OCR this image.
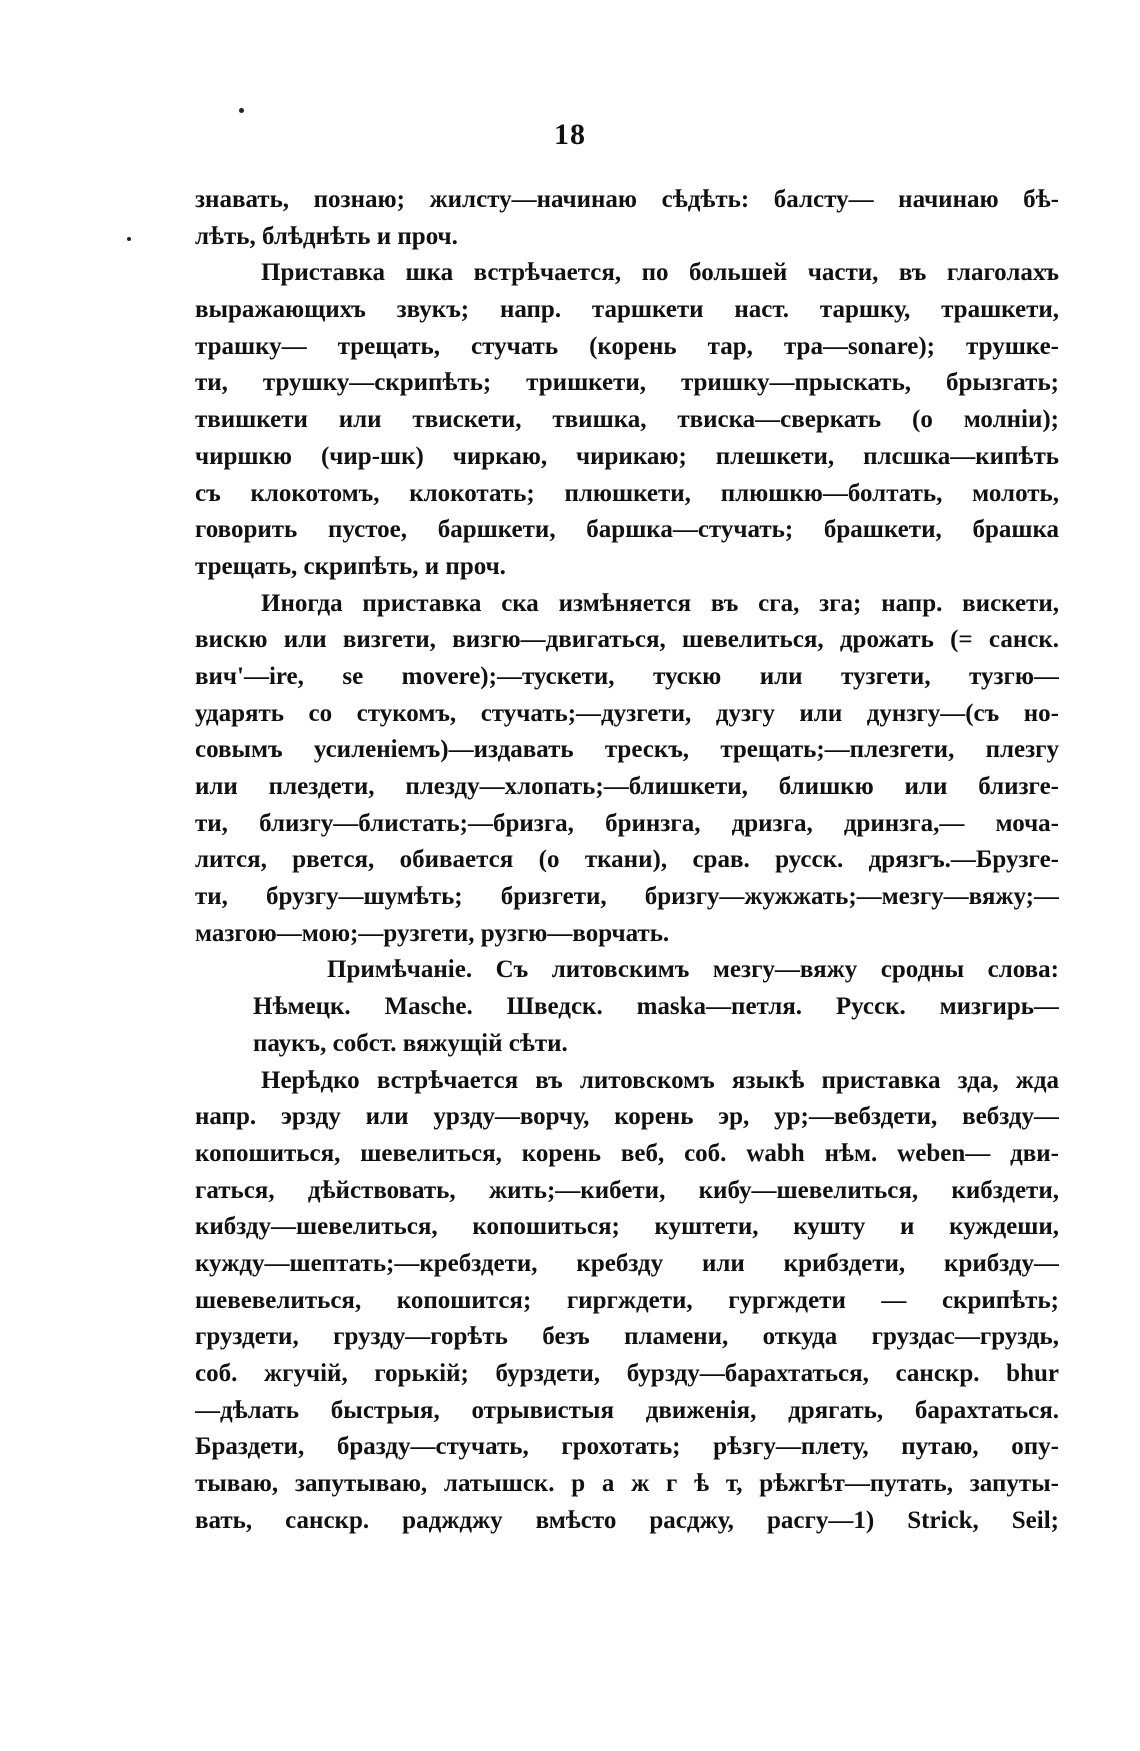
18
знавать, познаю; жилсту—начинаю сѣдѣть: балсту— начинаю бѣ-
лѣть, блѣднѣть и проч.
Приставка шка встрѣчается, по большей части, въ глаголахъ
выражающихъ звукъ; напр. таршкети наст. таршку, трашкети,
трашку— трещать, стучать (корень тар, тра—sonare); трушке-
ти, трушку—скрипѣть; тришкети, тришку—прыскать, брызгать;
твишкети или твискети, твишка, твиска—сверкать (о молніи);
чиршкю (чир-шк) чиркаю, чирикаю; плешкети, плсшка—кипѣть
съ клокотомъ, клокотать; плюшкети, плюшкю—болтать, молоть,
говорить пустое, баршкети, баршка—стучать; брашкети, брашка
трещать, скрипѣть, и проч.
Иногда приставка ска измѣняется въ сга, зга; напр. вискети,
вискю или визгети, визгю—двигаться, шевелиться, дрожать (= санск.
вич'—ire, se movere);—тускети, тускю или тузгети, тузгю—
ударять со стукомъ, стучать;—дузгети, дузгу или дунзгу—(съ но-
совымъ усиленіемъ)—издавать трескъ, трещать;—плезгети, плезгу
или плездети, плезду—хлопать;—блишкети, блишкю или близге-
ти, близгу—блистать;—бризга, бринзга, дризга, дринзга,— моча-
лится, рвется, обивается (о ткани), срав. русск. дрязгъ.—Брузге-
ти, брузгу—шумѣть; бризгети, бризгу—жужжать;—мезгу—вяжу;—
мазгою—мою;—рузгети, рузгю—ворчать.
Примѣчаніе. Съ литовскимъ мезгу—вяжу сродны слова:
Нѣмецк. Masche. Шведск. maska—петля. Русск. мизгирь—
паукъ, собст. вяжущій сѣти.
Нерѣдко встрѣчается въ литовскомъ языкѣ приставка зда, жда
напр. эрзду или урзду—ворчу, корень эр, ур;—вебздети, вебзду—
копошиться, шевелиться, корень веб, соб. wabh нѣм. weben— дви-
гаться, дѣйствовать, жить;—кибети, кибу—шевелиться, кибздети,
кибзду—шевелиться, копошиться; куштети, кушту и куждеши,
кужду—шептать;—кребздети, кребзду или крибздети, крибзду—
шевевелиться, копошится; гиргждети, гургждети — скрипѣть;
груздети, грузду—горѣть безъ пламени, откуда груздас—груздь,
соб. жгучій, горькій; бурздети, бурзду—барахтаться, санскр. bhur
—дѣлать быстрыя, отрывистыя движенія, дрягать, барахтаться.
Браздети, бразду—стучать, грохотать; рѣзгу—плету, путаю, опу-
тываю, запутываю, латышск. р а ж г ѣ т, рѣжгѣт—путать, запуты-
вать, санскр. раджджу вмѣсто расджу, расгу—1) Strick, Seil;
